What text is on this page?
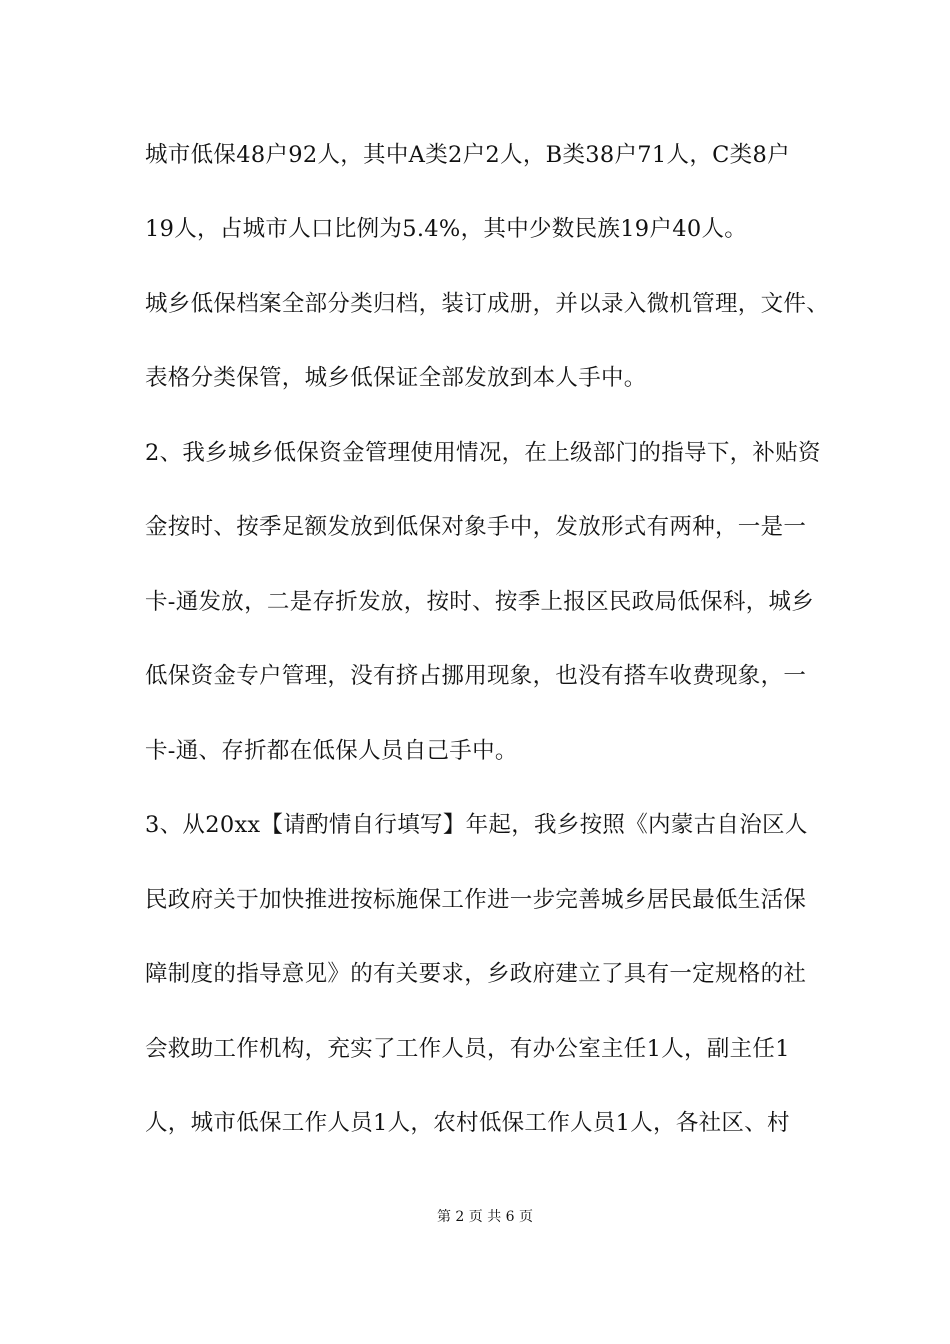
城市低保48户92人，其中A类2户2人，B类38户71人，C类8户
19人，占城市人口比例为5.4%，其中少数民族19户40人。
城乡低保档案全部分类归档，装订成册，并以录入微机管理，文件、
表格分类保管，城乡低保证全部发放到本人手中。
2、我乡城乡低保资金管理使用情况，在上级部门的指导下，补贴资
金按时、按季足额发放到低保对象手中，发放形式有两种，一是一
卡-通发放，二是存折发放，按时、按季上报区民政局低保科，城乡
低保资金专户管理，没有挤占挪用现象，也没有搭车收费现象，一
卡-通、存折都在低保人员自己手中。
3、从20xx【请酌情自行填写】年起，我乡按照《内蒙古自治区人
民政府关于加快推进按标施保工作进一步完善城乡居民最低生活保
障制度的指导意见》的有关要求，乡政府建立了具有一定规格的社
会救助工作机构，充实了工作人员，有办公室主任1人，副主任1
人，城市低保工作人员1人，农村低保工作人员1人，各社区、村
第 2 页 共 6 页
